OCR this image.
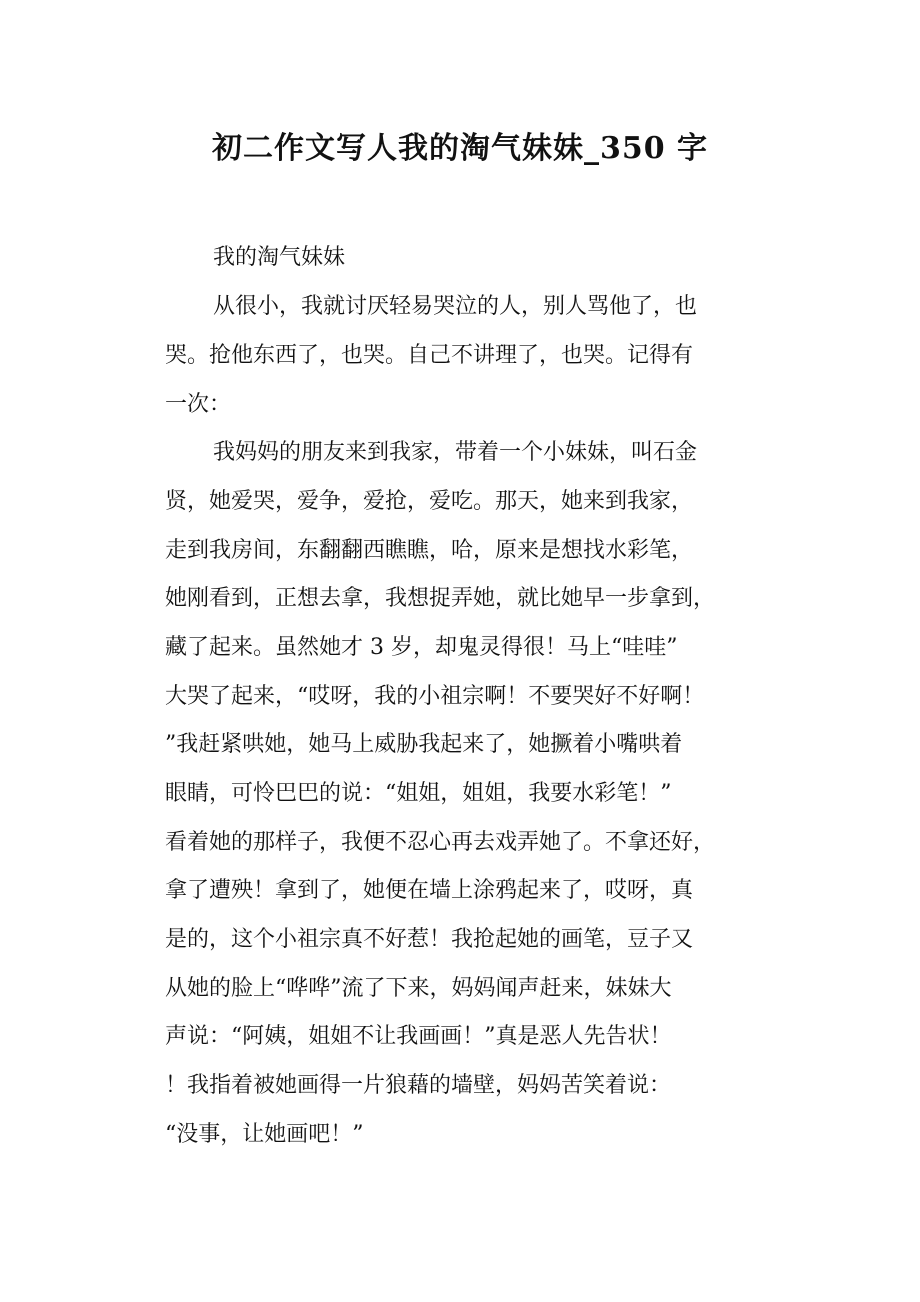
初二作文写人我的淘气妹妹_350 字
我的淘气妹妹
从很小，我就讨厌轻易哭泣的人，别人骂他了，也
哭。抢他东西了，也哭。自己不讲理了，也哭。记得有
一次：
我妈妈的朋友来到我家，带着一个小妹妹，叫石金
贤，她爱哭，爱争，爱抢，爱吃。那天，她来到我家，
走到我房间，东翻翻西瞧瞧，哈，原来是想找水彩笔，
她刚看到，正想去拿，我想捉弄她，就比她早一步拿到，
藏了起来。虽然她才 3 岁，却鬼灵得很！马上“哇哇”
大哭了起来，“哎呀，我的小祖宗啊！不要哭好不好啊！
”我赶紧哄她，她马上威胁我起来了，她撅着小嘴哄着
眼睛，可怜巴巴的说：“姐姐，姐姐，我要水彩笔！”
看着她的那样子，我便不忍心再去戏弄她了。不拿还好，
拿了遭殃！拿到了，她便在墙上涂鸦起来了，哎呀，真
是的，这个小祖宗真不好惹！我抢起她的画笔，豆子又
从她的脸上“哗哗”流了下来，妈妈闻声赶来，妹妹大
声说：“阿姨，姐姐不让我画画！”真是恶人先告状！
！我指着被她画得一片狼藉的墙壁，妈妈苦笑着说：
“没事，让她画吧！”
